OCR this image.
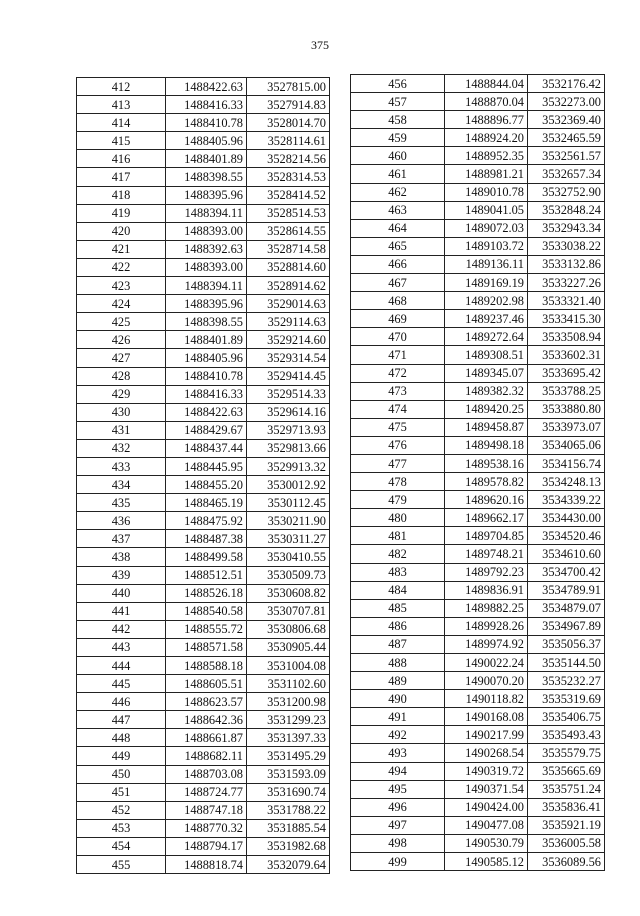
375
412	1488422.63	3527815.00
413	1488416.33	3527914.83
414	1488410.78	3528014.70
415	1488405.96	3528114.61
416	1488401.89	3528214.56
417	1488398.55	3528314.53
418	1488395.96	3528414.52
419	1488394.11	3528514.53
420	1488393.00	3528614.55
421	1488392.63	3528714.58
422	1488393.00	3528814.60
423	1488394.11	3528914.62
424	1488395.96	3529014.63
425	1488398.55	3529114.63
426	1488401.89	3529214.60
427	1488405.96	3529314.54
428	1488410.78	3529414.45
429	1488416.33	3529514.33
430	1488422.63	3529614.16
431	1488429.67	3529713.93
432	1488437.44	3529813.66
433	1488445.95	3529913.32
434	1488455.20	3530012.92
435	1488465.19	3530112.45
436	1488475.92	3530211.90
437	1488487.38	3530311.27
438	1488499.58	3530410.55
439	1488512.51	3530509.73
440	1488526.18	3530608.82
441	1488540.58	3530707.81
442	1488555.72	3530806.68
443	1488571.58	3530905.44
444	1488588.18	3531004.08
445	1488605.51	3531102.60
446	1488623.57	3531200.98
447	1488642.36	3531299.23
448	1488661.87	3531397.33
449	1488682.11	3531495.29
450	1488703.08	3531593.09
451	1488724.77	3531690.74
452	1488747.18	3531788.22
453	1488770.32	3531885.54
454	1488794.17	3531982.68
455	1488818.74	3532079.64
456	1488844.04	3532176.42
457	1488870.04	3532273.00
458	1488896.77	3532369.40
459	1488924.20	3532465.59
460	1488952.35	3532561.57
461	1488981.21	3532657.34
462	1489010.78	3532752.90
463	1489041.05	3532848.24
464	1489072.03	3532943.34
465	1489103.72	3533038.22
466	1489136.11	3533132.86
467	1489169.19	3533227.26
468	1489202.98	3533321.40
469	1489237.46	3533415.30
470	1489272.64	3533508.94
471	1489308.51	3533602.31
472	1489345.07	3533695.42
473	1489382.32	3533788.25
474	1489420.25	3533880.80
475	1489458.87	3533973.07
476	1489498.18	3534065.06
477	1489538.16	3534156.74
478	1489578.82	3534248.13
479	1489620.16	3534339.22
480	1489662.17	3534430.00
481	1489704.85	3534520.46
482	1489748.21	3534610.60
483	1489792.23	3534700.42
484	1489836.91	3534789.91
485	1489882.25	3534879.07
486	1489928.26	3534967.89
487	1489974.92	3535056.37
488	1490022.24	3535144.50
489	1490070.20	3535232.27
490	1490118.82	3535319.69
491	1490168.08	3535406.75
492	1490217.99	3535493.43
493	1490268.54	3535579.75
494	1490319.72	3535665.69
495	1490371.54	3535751.24
496	1490424.00	3535836.41
497	1490477.08	3535921.19
498	1490530.79	3536005.58
499	1490585.12	3536089.56
